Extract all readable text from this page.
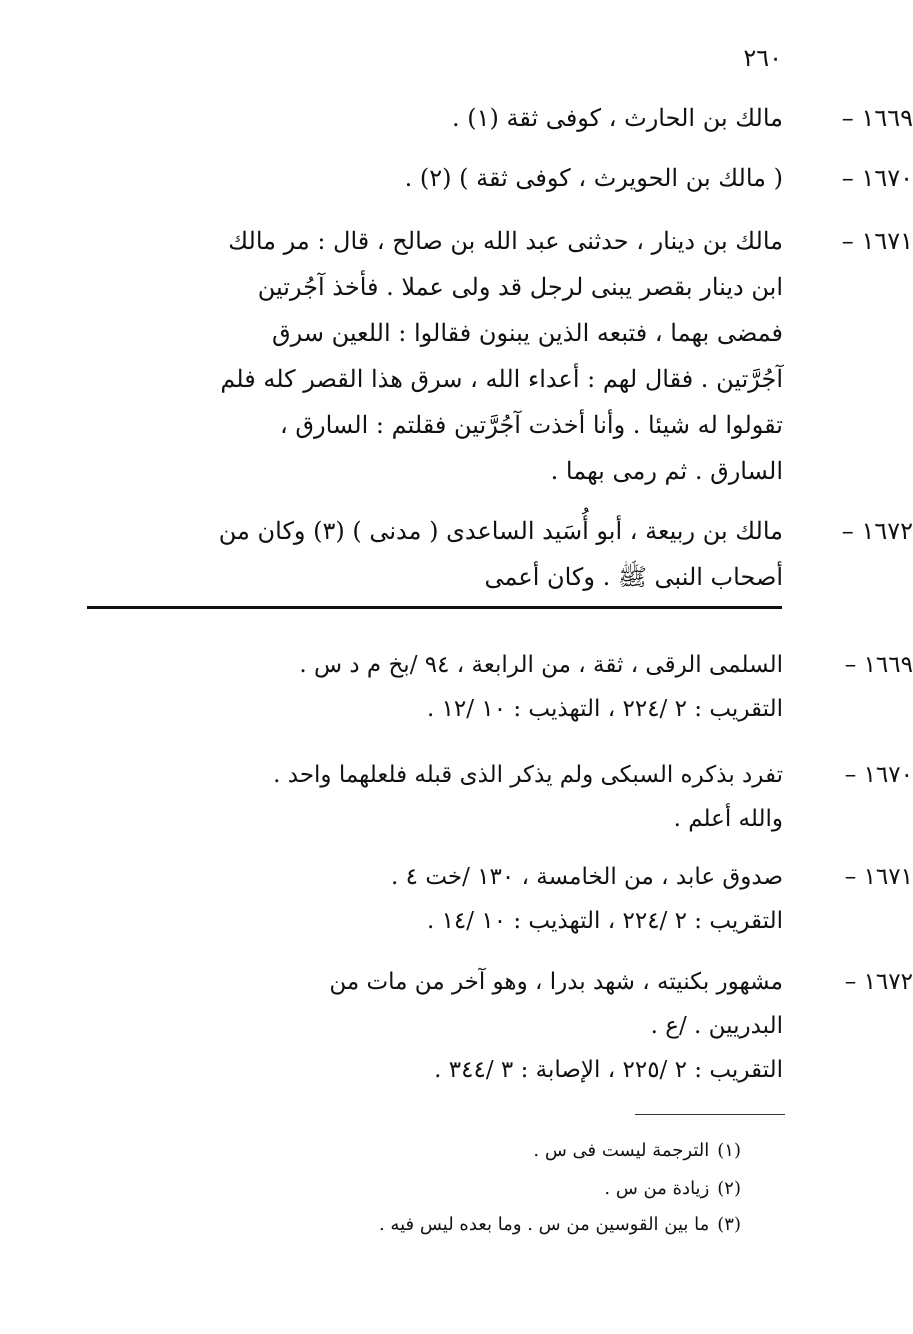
٢٦٠
١٦٦٩ –
مالك بن الحارث ، كوفى ثقة (١) .
١٦٧٠ –
( مالك بن الحويرث ، كوفى ثقة ) (٢) .
١٦٧١ –
مالك بن دينار ، حدثنى عبد الله بن صالح ، قال : مر مالك
ابن دينار بقصر يبنى لرجل قد ولى عملا . فأخذ آجُرتين
فمضى بهما ، فتبعه الذين يبنون فقالوا : اللعين سرق
آجُرَّتين . فقال لهم : أعداء الله ، سرق هذا القصر كله فلم
تقولوا له شيئا . وأنا أخذت آجُرَّتين فقلتم : السارق ،
السارق . ثم رمى بهما .
١٦٧٢ –
مالك بن ربيعة ، أبو أُسَيد الساعدى ( مدنى ) (٣) وكان من
أصحاب النبى ﷺ . وكان أعمى
١٦٦٩ –
السلمى الرقى ، ثقة ، من الرابعة ، ٩٤ /بخ م د س .
التقريب : ٢ /٢٢٤ ، التهذيب : ١٠ /١٢ .
١٦٧٠ –
تفرد بذكره السبكى ولم يذكر الذى قبله فلعلهما واحد .
والله أعلم .
١٦٧١ –
صدوق عابد ، من الخامسة ، ١٣٠ /خت ٤ .
التقريب : ٢ /٢٢٤ ، التهذيب : ١٠ /١٤ .
١٦٧٢ –
مشهور بكنيته ، شهد بدرا ، وهو آخر من مات من
البدريين . /ع .
التقريب : ٢ /٢٢٥ ، الإصابة : ٣ /٣٤٤ .
(١)الترجمة ليست فى س .
(٢)زيادة من س .
(٣)ما بين القوسين من س . وما بعده ليس فيه .
